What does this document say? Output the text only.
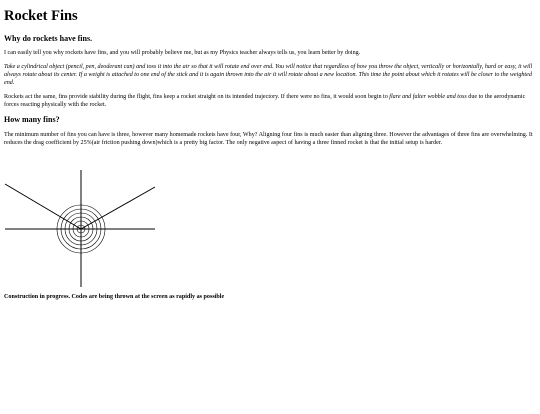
Rocket Fins
Why do rockets have fins.

I can easily tell you why rockets have fins, and you will probably believe me, but as my Physics teacher always tells us, you learn better by doing.

Take a cylindrical object (pencil, pen, deoderant can) and toss it into the air so that it will rotate end over end. You will notice that regardless of how you throw the object, vertically or horizontally, hard or easy, it will always rotate about its center. If a weight is attached to one end of the stick and it is again thrown into the air it will rotate about a new location. This time the point about which it rotates will be closer to the weighted end.

Rockets act the same, fins provide stability during the flight, fins keep a rocket straight on its intended trajectory. If there were no fins, it would soon begin to flare and falter wobble and toss due to the aerodynamic forces reacting physically with the rocket.

How many fins?

The minimum number of fins you can have is three, however many homemade rockets have four, Why? Aligning four fins is much easier than aligning three. However the advantages of three fins are overwhelming. It reduces the drag coefficient by 25%(air friction pushing down)which is a pretty big factor. The only negative aspect of having a three finned rocket is that the initial setup is harder.

Construction in progress. Codes are being thrown at the screen as rapidly as possible
